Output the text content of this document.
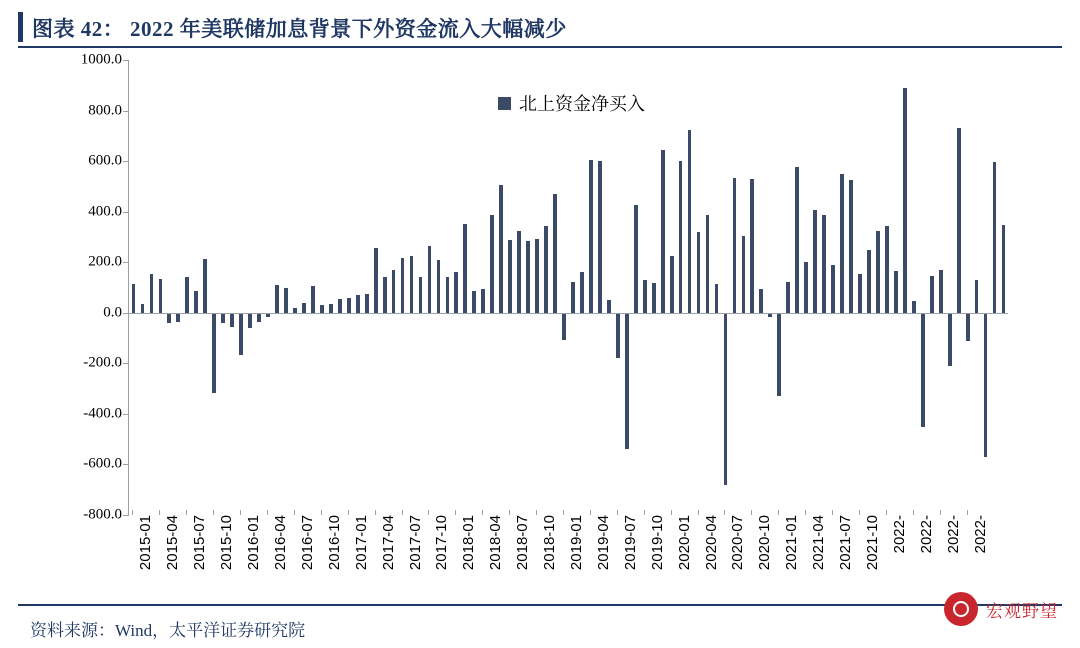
图表 42： 2022 年美联储加息背景下外资金流入大幅减少
1000.0
800.0
600.0
400.0
200.0
0.0
-200.0
-400.0
-600.0
-800.0
北上资金净买入
2015-01 2015-04 2015-07 2015-10 2016-01 2016-04 2016-07 2016-10 2017-01 2017-04 2017-07 2017-10 2018-01 2018-04 2018-07 2018-10 2019-01 2019-04 2019-07 2019-10 2020-01 2020-04 2020-07 2020-10 2021-01 2021-04 2021-07 2021-10 2022- 2022- 2022- 2022-
资料来源：Wind，太平洋证券研究院
宏观野望
